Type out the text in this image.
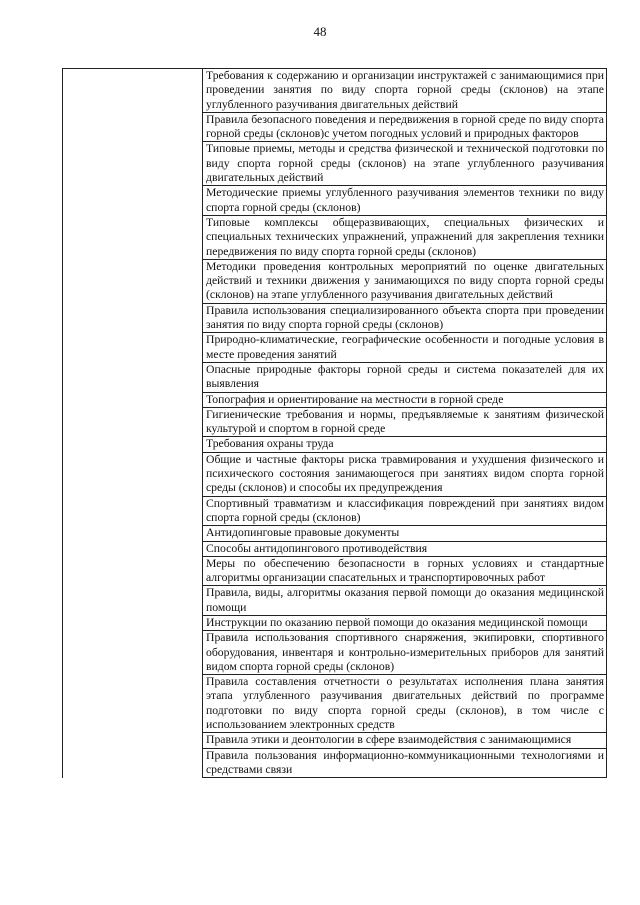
48
	Требования к содержанию и организации инструктажей с занимающимися при проведении занятия по виду спорта горной среды (склонов) на этапе углубленного разучивания двигательных действий
Правила безопасного поведения и передвижения в горной среде по виду спорта горной среды (склонов)с учетом погодных условий и природных факторов
Типовые приемы, методы и средства физической и технической подготовки по виду спорта горной среды (склонов) на этапе углубленного разучивания двигательных действий
Методические приемы углубленного разучивания элементов техники по виду спорта горной среды (склонов)
Типовые комплексы общеразвивающих, специальных физических и специальных технических упражнений, упражнений для закрепления техники передвижения по виду спорта горной среды (склонов)
Методики проведения контрольных мероприятий по оценке двигательных действий и техники движения у занимающихся по виду спорта горной среды (склонов) на этапе углубленного разучивания двигательных действий
Правила использования специализированного объекта спорта при проведении занятия по виду спорта горной среды (склонов)
Природно-климатические, географические особенности и погодные условия в месте проведения занятий
Опасные природные факторы горной среды и система показателей для их выявления
Топография и ориентирование на местности в горной среде
Гигиенические требования и нормы, предъявляемые к занятиям физической культурой и спортом в горной среде
Требования охраны труда
Общие и частные факторы риска травмирования и ухудшения физического и психического состояния занимающегося при занятиях видом спорта горной среды (склонов) и способы их предупреждения
Спортивный травматизм и классификация повреждений при занятиях видом спорта горной среды (склонов)
Антидопинговые правовые документы
Способы антидопингового противодействия
Меры по обеспечению безопасности в горных условиях и стандартные алгоритмы организации спасательных и транспортировочных работ
Правила, виды, алгоритмы оказания первой помощи до оказания медицинской помощи
Инструкции по оказанию первой помощи до оказания медицинской помощи
Правила использования спортивного снаряжения, экипировки, спортивного оборудования, инвентаря и контрольно-измерительных приборов для занятий видом спорта горной среды (склонов)
Правила составления отчетности о результатах исполнения плана занятия этапа углубленного разучивания двигательных действий по программе подготовки по виду спорта горной среды (склонов), в том числе с использованием электронных средств
Правила этики и деонтологии в сфере взаимодействия с занимающимися
Правила пользования информационно-коммуникационными технологиями и средствами связи
